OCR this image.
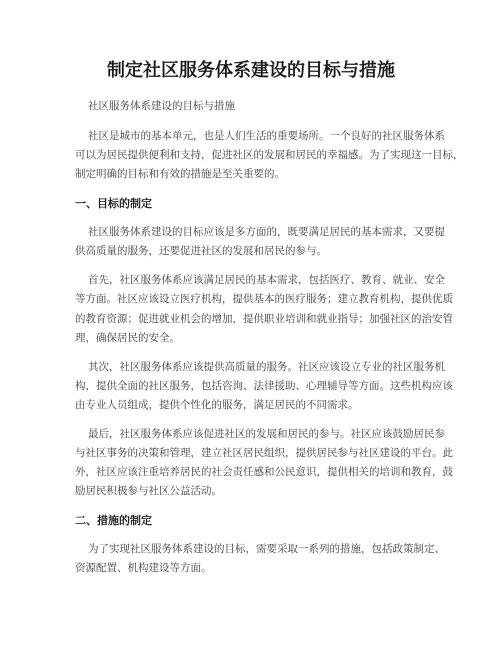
制定社区服务体系建设的目标与措施

社区服务体系建设的目标与措施

社区是城市的基本单元，也是人们生活的重要场所。一个良好的社区服务体系

可以为居民提供便利和支持，促进社区的发展和居民的幸福感。为了实现这一目标，

制定明确的目标和有效的措施是至关重要的。

一、目标的制定

社区服务体系建设的目标应该是多方面的，既要满足居民的基本需求，又要提

供高质量的服务，还要促进社区的发展和居民的参与。

首先，社区服务体系应该满足居民的基本需求，包括医疗、教育、就业、安全

等方面。社区应该设立医疗机构，提供基本的医疗服务；建立教育机构，提供优质

的教育资源；促进就业机会的增加，提供职业培训和就业指导；加强社区的治安管

理，确保居民的安全。

其次，社区服务体系应该提供高质量的服务。社区应该设立专业的社区服务机

构，提供全面的社区服务，包括咨询、法律援助、心理辅导等方面。这些机构应该

由专业人员组成，提供个性化的服务，满足居民的不同需求。

最后，社区服务体系应该促进社区的发展和居民的参与。社区应该鼓励居民参

与社区事务的决策和管理，建立社区居民组织，提供居民参与社区建设的平台。此

外，社区应该注重培养居民的社会责任感和公民意识，提供相关的培训和教育，鼓

励居民积极参与社区公益活动。

二、措施的制定

为了实现社区服务体系建设的目标，需要采取一系列的措施，包括政策制定、

资源配置、机构建设等方面。
